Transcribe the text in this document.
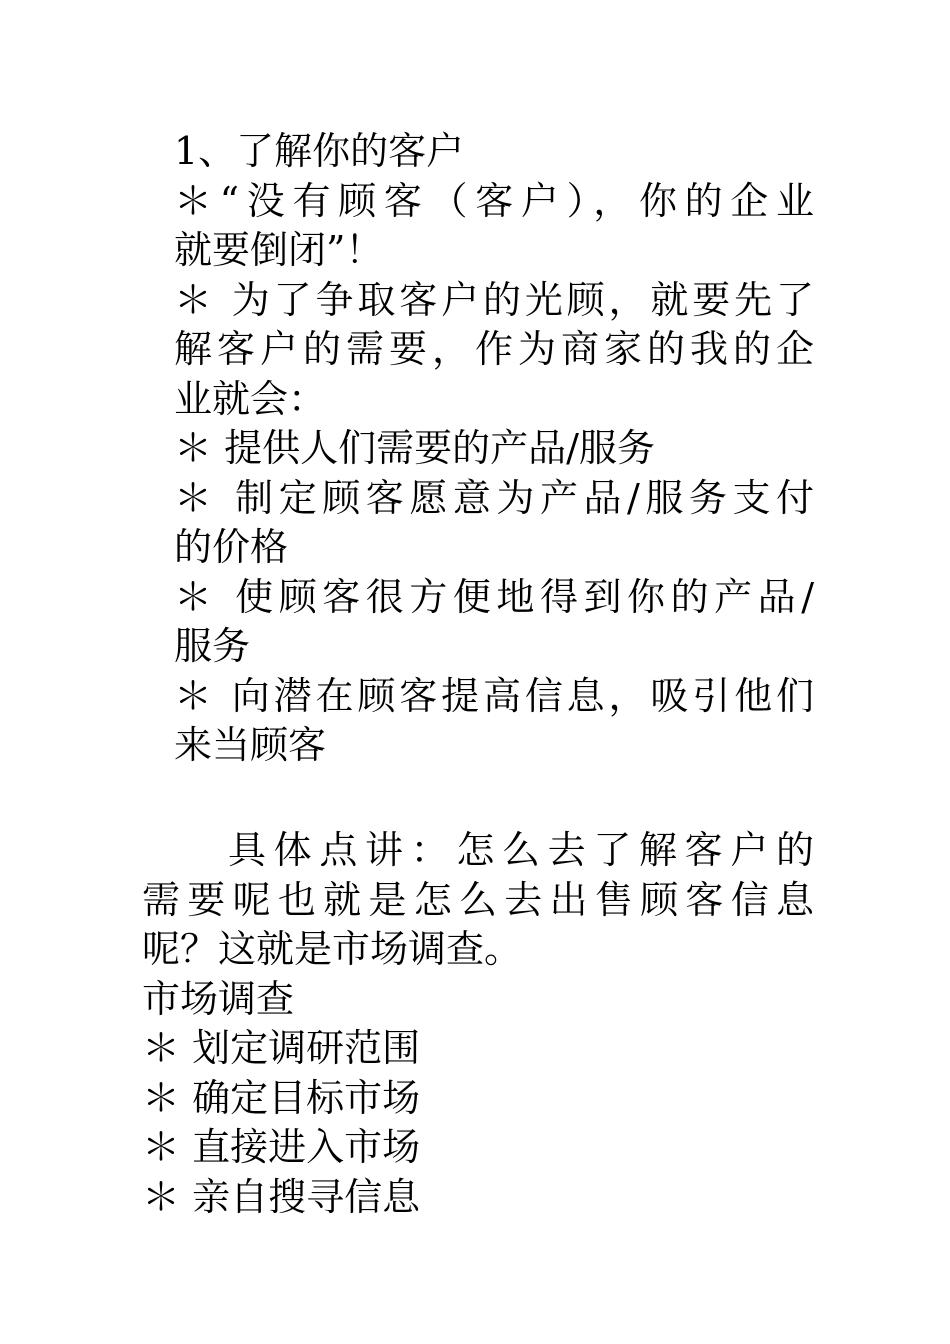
1、了解你的客户
＊“没有顾客（客户），你的企业
就要倒闭”！
＊ 为了争取客户的光顾，就要先了
解客户的需要，作为商家的我的企
业就会：
＊ 提供人们需要的产品/服务
＊ 制定顾客愿意为产品/服务支付
的价格
＊ 使顾客很方便地得到你的产品/
服务
＊ 向潜在顾客提高信息，吸引他们
来当顾客
具体点讲：怎么去了解客户的
需要呢也就是怎么去出售顾客信息
呢？这就是市场调查。
市场调查
＊ 划定调研范围
＊ 确定目标市场
＊ 直接进入市场
＊ 亲自搜寻信息
